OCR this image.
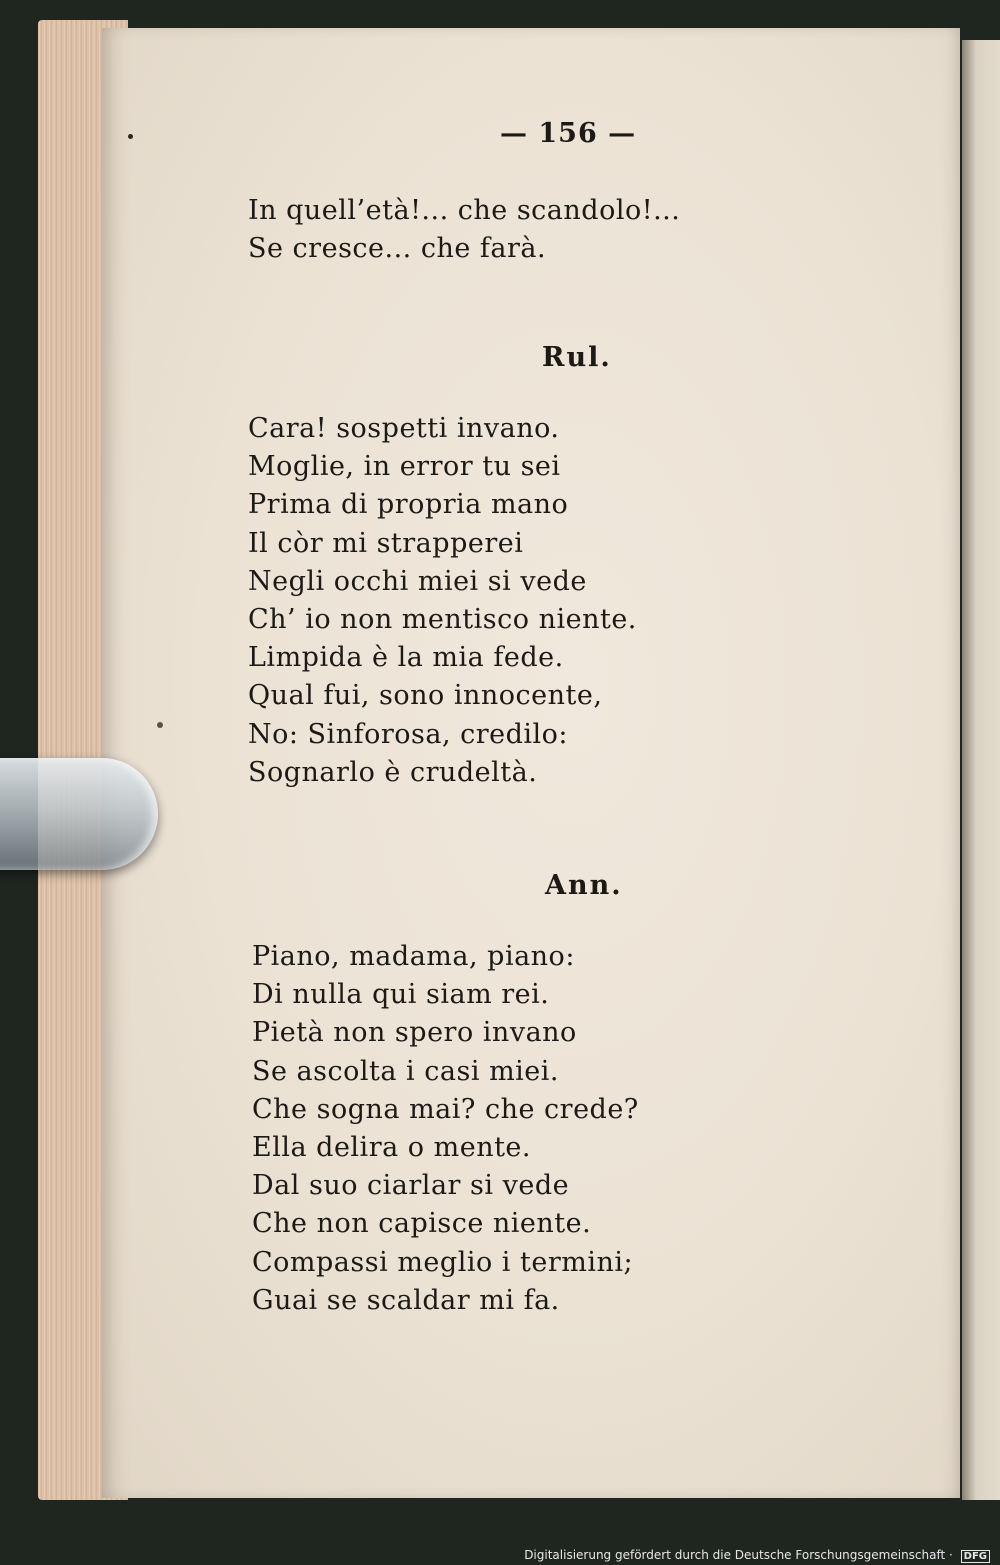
— 156 —
In quell’età!... che scandolo!...
Se cresce... che farà.
Rul.
Cara! sospetti invano.
Moglie, in error tu sei
Prima di propria mano
Il còr mi strapperei
Negli occhi miei si vede
Ch’ io non mentisco niente.
Limpida è la mia fede.
Qual fui, sono innocente,
No: Sinforosa, credilo:
Sognarlo è crudeltà.
Ann.
Piano, madama, piano:
Di nulla qui siam rei.
Pietà non spero invano
Se ascolta i casi miei.
Che sogna mai? che crede?
Ella delira o mente.
Dal suo ciarlar si vede
Che non capisce niente.
Compassi meglio i termini;
Guai se scaldar mi fa.
Digitalisierung gefördert durch die Deutsche Forschungsgemeinschaft · DFG
